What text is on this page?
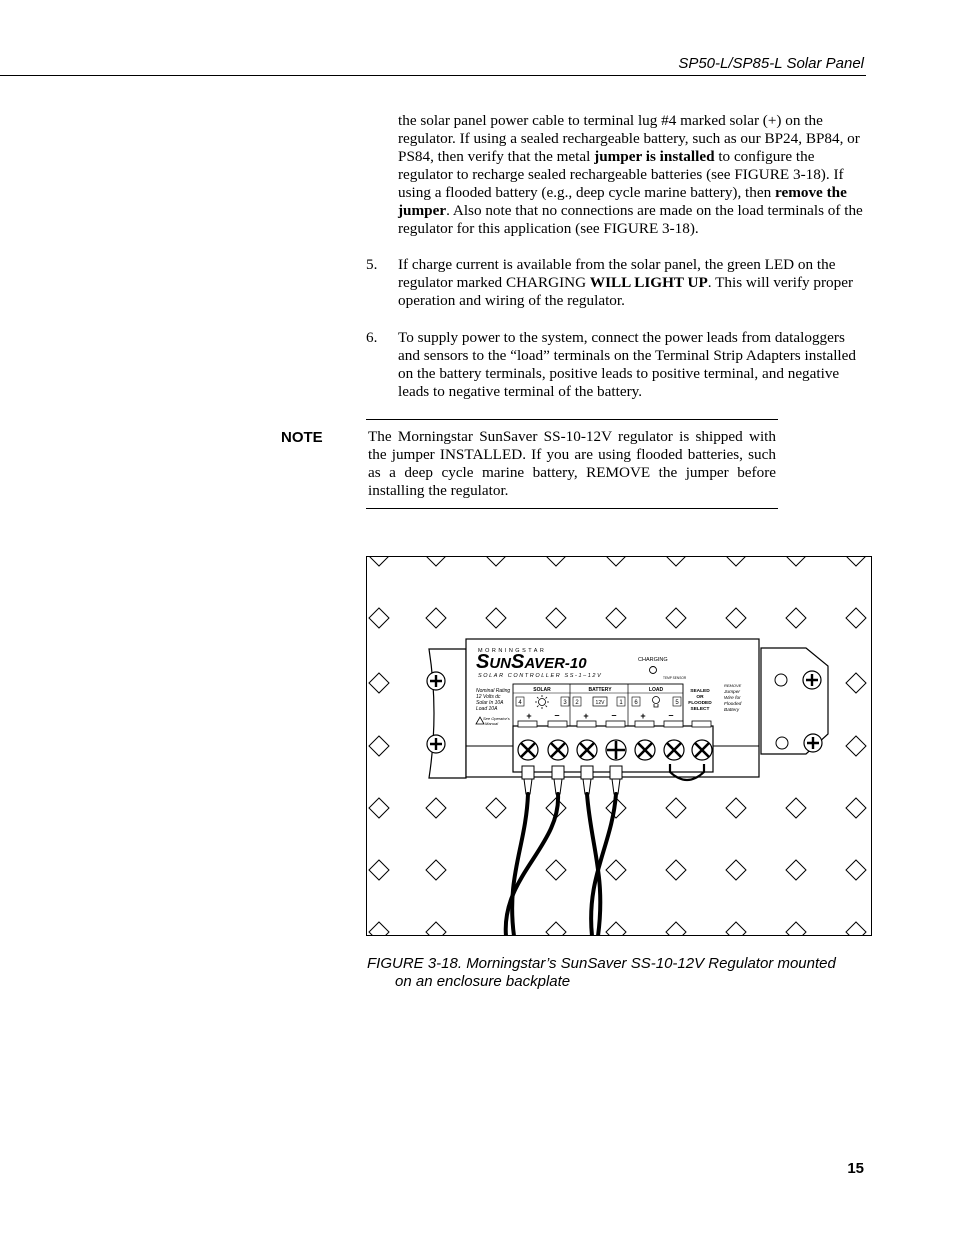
SP50-L/SP85-L Solar Panel

the solar panel power cable to terminal lug #4 marked solar (+) on the regulator. If using a sealed rechargeable battery, such as our BP24, BP84, or PS84, then verify that the metal jumper is installed to configure the regulator to recharge sealed rechargeable batteries (see FIGURE 3-18). If using a flooded battery (e.g., deep cycle marine battery), then remove the jumper. Also note that no connections are made on the load terminals of the regulator for this application (see FIGURE 3-18).

5. If charge current is available from the solar panel, the green LED on the regulator marked CHARGING WILL LIGHT UP. This will verify proper operation and wiring of the regulator.

6. To supply power to the system, connect the power leads from dataloggers and sensors to the “load” terminals on the Terminal Strip Adapters installed on the battery terminals, positive leads to positive terminal, and negative leads to negative terminal of the battery.

NOTE	The Morningstar SunSaver SS-10-12V regulator is shipped with the jumper INSTALLED. If you are using flooded batteries, such as a deep cycle marine battery, REMOVE the jumper before installing the regulator.

MORNINGSTAR
SUNSAVER-10
SOLAR CONTROLLER SS-1–12V
CHARGING
TEMP SENSOR
Nominal Rating
12 Volts dc
Solar In 10A
Load 10A
See Operator's
Manual
SOLAR	BATTERY	LOAD
4	3 2	1 6	5
12V
+	–	+	–	+	–
SEALED
OR
FLOODED
SELECT
REMOVE
Jumper
Wire for
Flooded
Battery
FIGURE 3-18. Morningstar’s SunSaver SS-10-12V Regulator mounted
on an enclosure backplate
15
